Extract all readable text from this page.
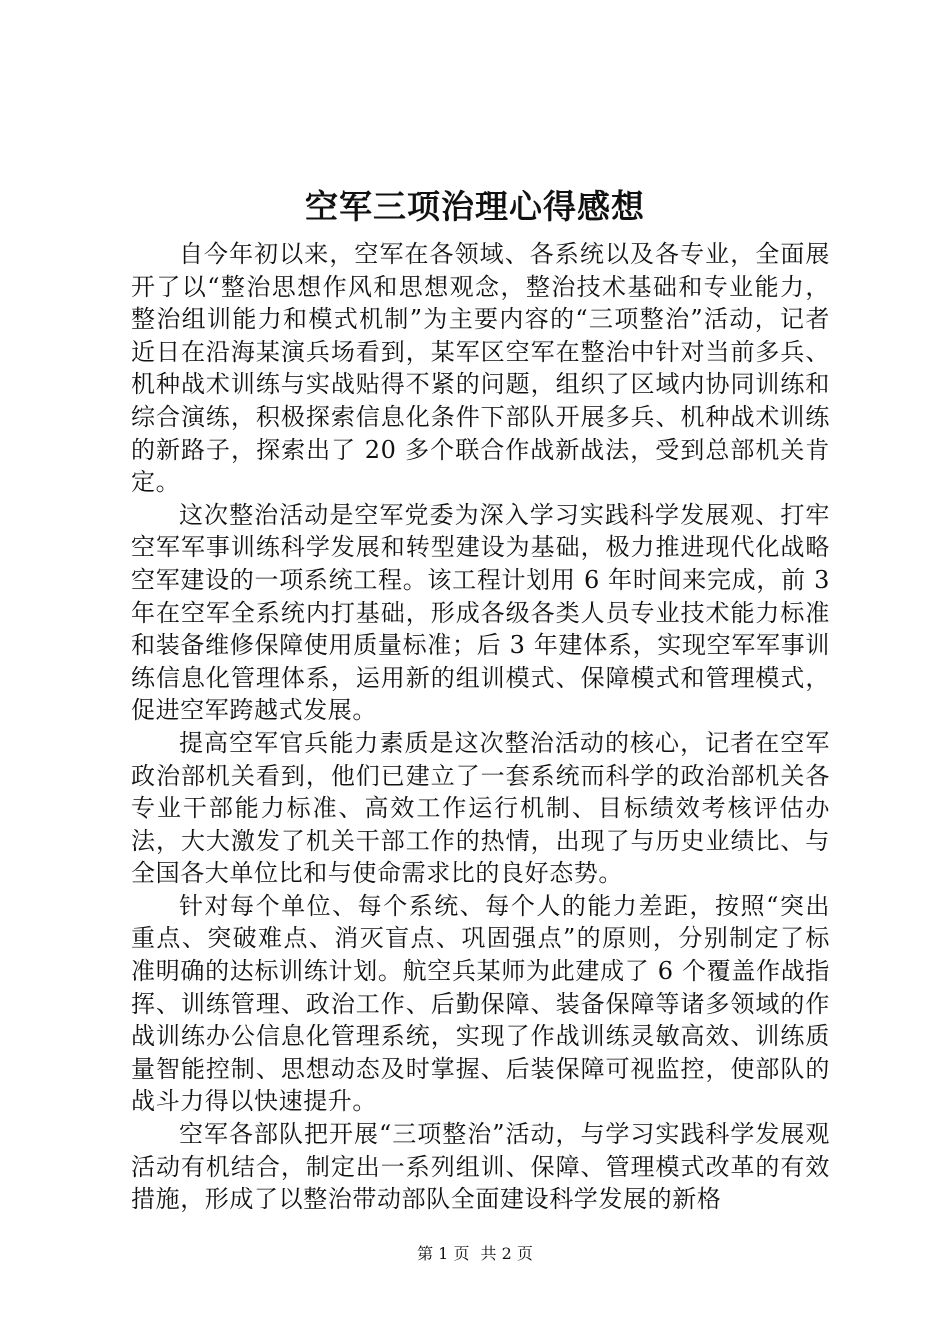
空军三项治理心得感想

自今年初以来，空军在各领域、各系统以及各专业，全面展开了以“整治思想作风和思想观念，整治技术基础和专业能力，整治组训能力和模式机制”为主要内容的“三项整治”活动，记者近日在沿海某演兵场看到，某军区空军在整治中针对当前多兵、机种战术训练与实战贴得不紧的问题，组织了区域内协同训练和综合演练，积极探索信息化条件下部队开展多兵、机种战术训练的新路子，探索出了 20 多个联合作战新战法，受到总部机关肯定。

这次整治活动是空军党委为深入学习实践科学发展观、打牢空军军事训练科学发展和转型建设为基础，极力推进现代化战略空军建设的一项系统工程。该工程计划用 6 年时间来完成，前 3 年在空军全系统内打基础，形成各级各类人员专业技术能力标准和装备维修保障使用质量标准；后 3 年建体系，实现空军军事训练信息化管理体系，运用新的组训模式、保障模式和管理模式，促进空军跨越式发展。

提高空军官兵能力素质是这次整治活动的核心，记者在空军政治部机关看到，他们已建立了一套系统而科学的政治部机关各专业干部能力标准、高效工作运行机制、目标绩效考核评估办法，大大激发了机关干部工作的热情，出现了与历史业绩比、与全国各大单位比和与使命需求比的良好态势。

针对每个单位、每个系统、每个人的能力差距，按照“突出重点、突破难点、消灭盲点、巩固强点”的原则，分别制定了标准明确的达标训练计划。航空兵某师为此建成了 6 个覆盖作战指挥、训练管理、政治工作、后勤保障、装备保障等诸多领域的作战训练办公信息化管理系统，实现了作战训练灵敏高效、训练质量智能控制、思想动态及时掌握、后装保障可视监控，使部队的战斗力得以快速提升。

空军各部队把开展“三项整治”活动，与学习实践科学发展观活动有机结合，制定出一系列组训、保障、管理模式改革的有效措施，形成了以整治带动部队全面建设科学发展的新格

第 1 页 共 2 页
